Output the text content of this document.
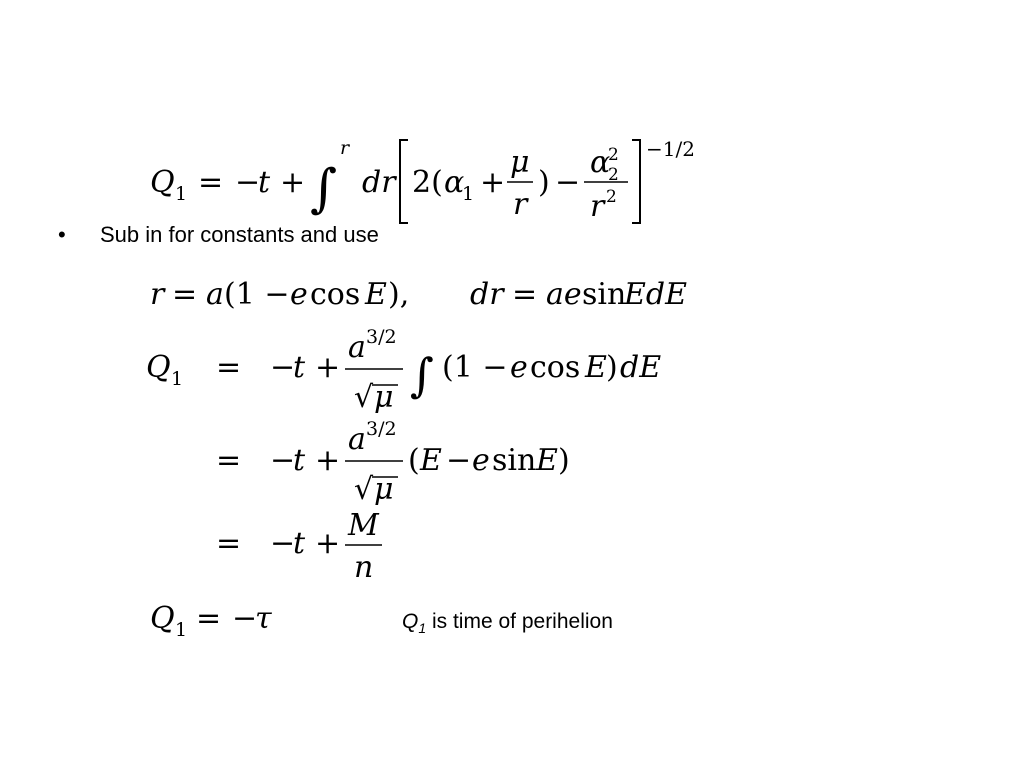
Q 1 = −
t + ∫
r
dr 2( α
1 +
μ
r
) −
α
2
2
r 2
−1/2
• Sub in for constants and use
r = a (1 − e cos E ), dr = ae sin
EdE
Q 1 = −
t +
a 3/2
√ μ ∫ (1 − e cos E ) dE
= −
t +
a 3/2
√ μ
( E − e sin E )
= −
t +
M
n
Q 1 = −
τ	$Q_1$ is time of perihelion
